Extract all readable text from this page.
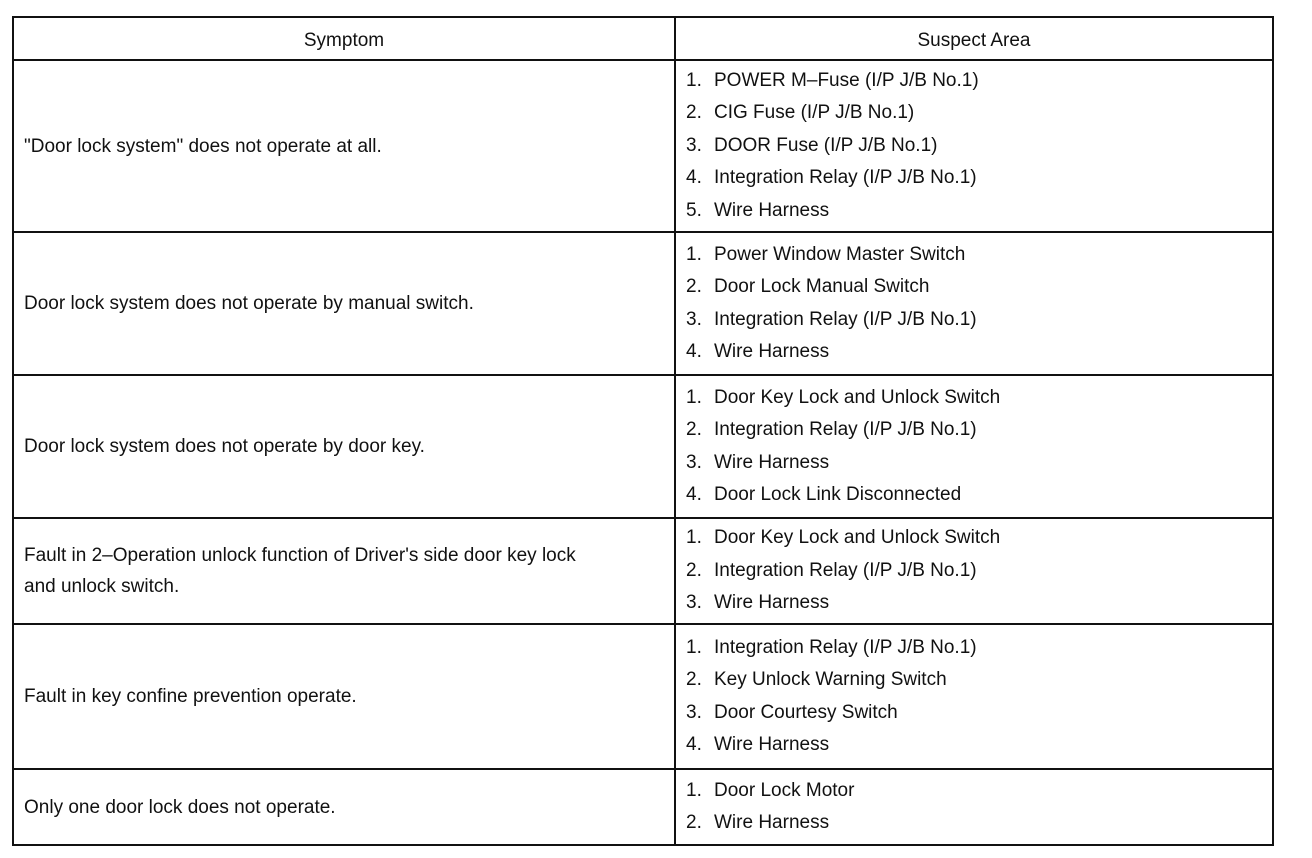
Symptom	Suspect Area
"Door lock system" does not operate at all.
1. POWER M–Fuse (I/P J/B No.1)
2. CIG Fuse (I/P J/B No.1)
3. DOOR Fuse (I/P J/B No.1)
4. Integration Relay (I/P J/B No.1)
5. Wire Harness
Door lock system does not operate by manual switch.
1. Power Window Master Switch
2. Door Lock Manual Switch
3. Integration Relay (I/P J/B No.1)
4. Wire Harness
Door lock system does not operate by door key.
1. Door Key Lock and Unlock Switch
2. Integration Relay (I/P J/B No.1)
3. Wire Harness
4. Door Lock Link Disconnected
Fault in 2–Operation unlock function of Driver's side door key lock
and unlock switch.
1. Door Key Lock and Unlock Switch
2. Integration Relay (I/P J/B No.1)
3. Wire Harness
Fault in key confine prevention operate.
1. Integration Relay (I/P J/B No.1)
2. Key Unlock Warning Switch
3. Door Courtesy Switch
4. Wire Harness
Only one door lock does not operate.
1. Door Lock Motor
2. Wire Harness
